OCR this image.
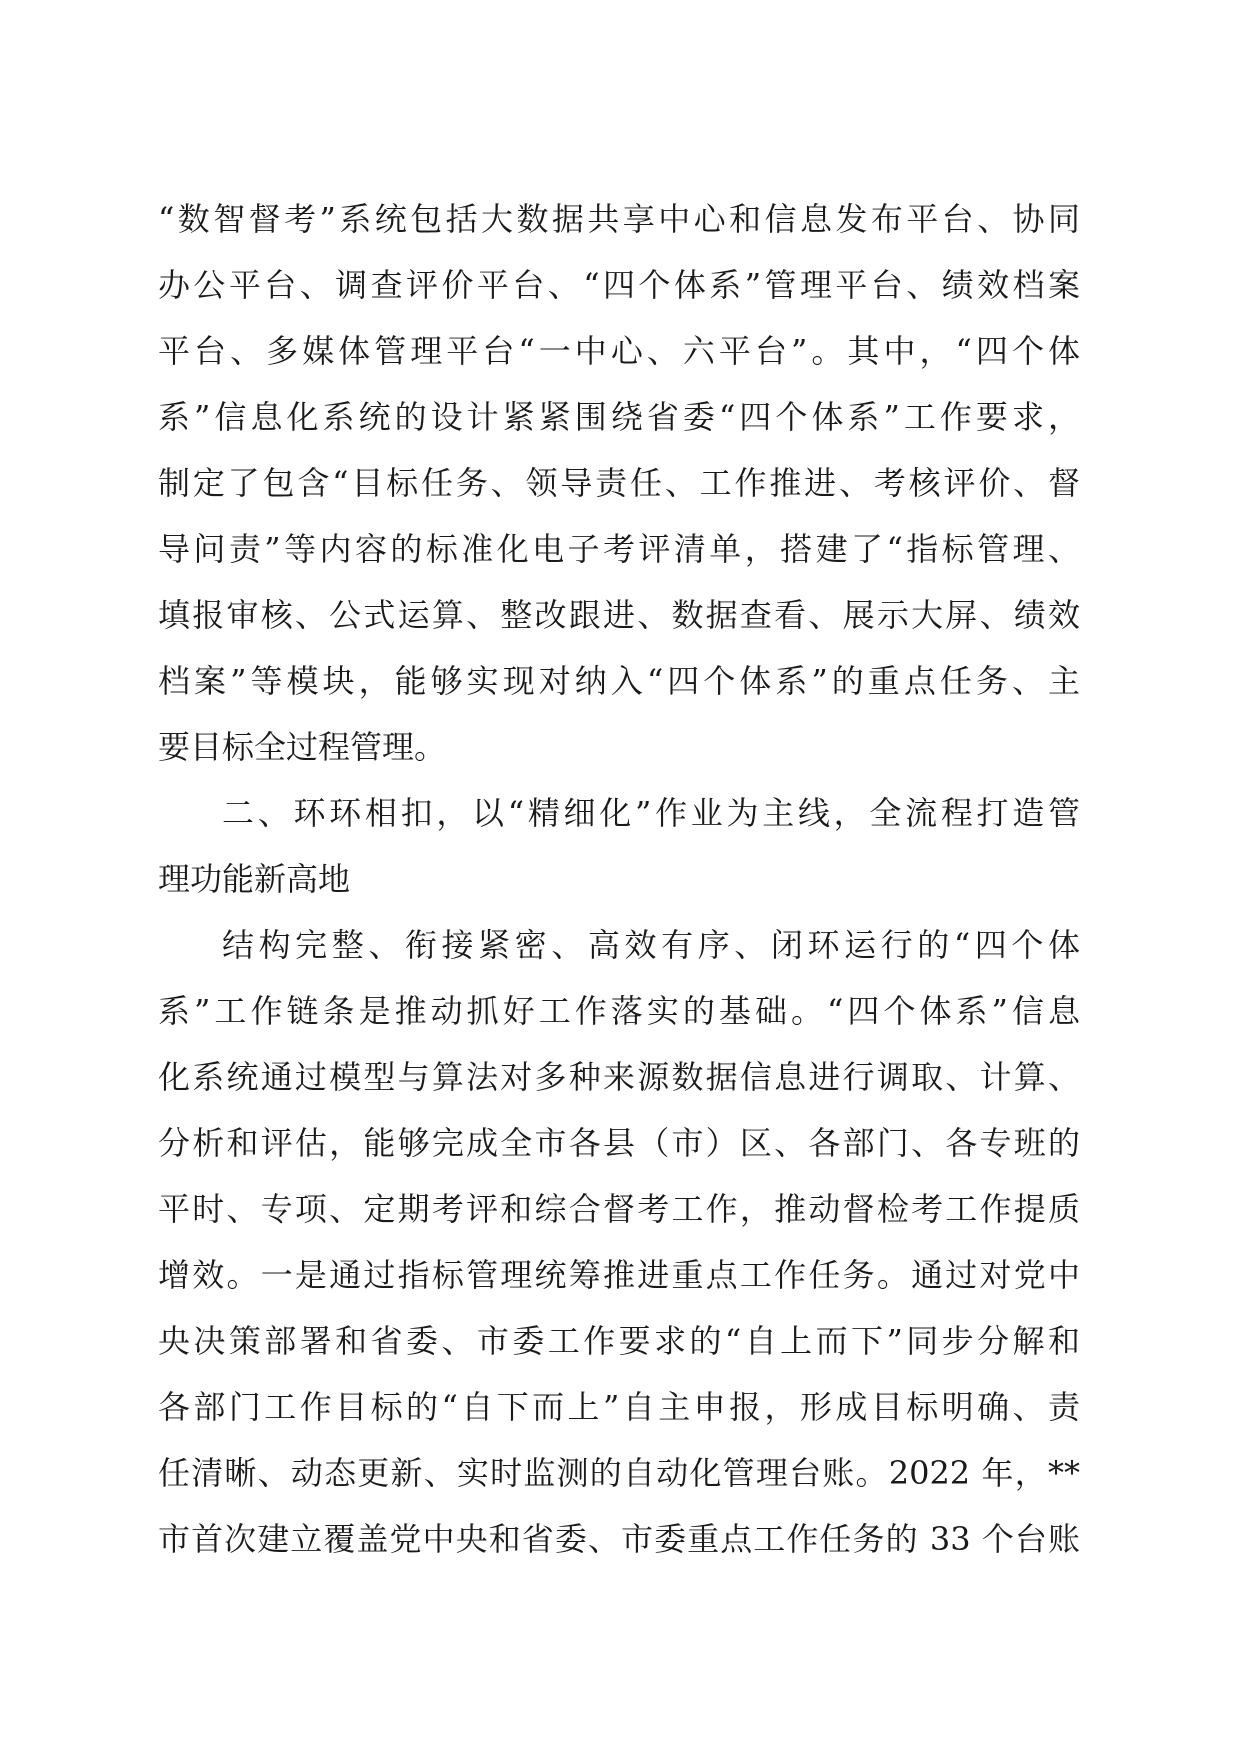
“数智督考”系统包括大数据共享中心和信息发布平台、协同
办公平台、调查评价平台、“四个体系”管理平台、绩效档案
平台、多媒体管理平台“一中心、六平台”。其中，“四个体
系”信息化系统的设计紧紧围绕省委“四个体系”工作要求，
制定了包含“目标任务、领导责任、工作推进、考核评价、督
导问责”等内容的标准化电子考评清单，搭建了“指标管理、
填报审核、公式运算、整改跟进、数据查看、展示大屏、绩效
档案”等模块，能够实现对纳入“四个体系”的重点任务、主
要目标全过程管理。
二、环环相扣，以“精细化”作业为主线，全流程打造管
理功能新高地
结构完整、衔接紧密、高效有序、闭环运行的“四个体
系”工作链条是推动抓好工作落实的基础。“四个体系”信息
化系统通过模型与算法对多种来源数据信息进行调取、计算、
分析和评估，能够完成全市各县（市）区、各部门、各专班的
平时、专项、定期考评和综合督考工作，推动督检考工作提质
增效。一是通过指标管理统筹推进重点工作任务。通过对党中
央决策部署和省委、市委工作要求的“自上而下”同步分解和
各部门工作目标的“自下而上”自主申报，形成目标明确、责
任清晰、动态更新、实时监测的自动化管理台账。2022 年，**
市首次建立覆盖党中央和省委、市委重点工作任务的 33 个台账
